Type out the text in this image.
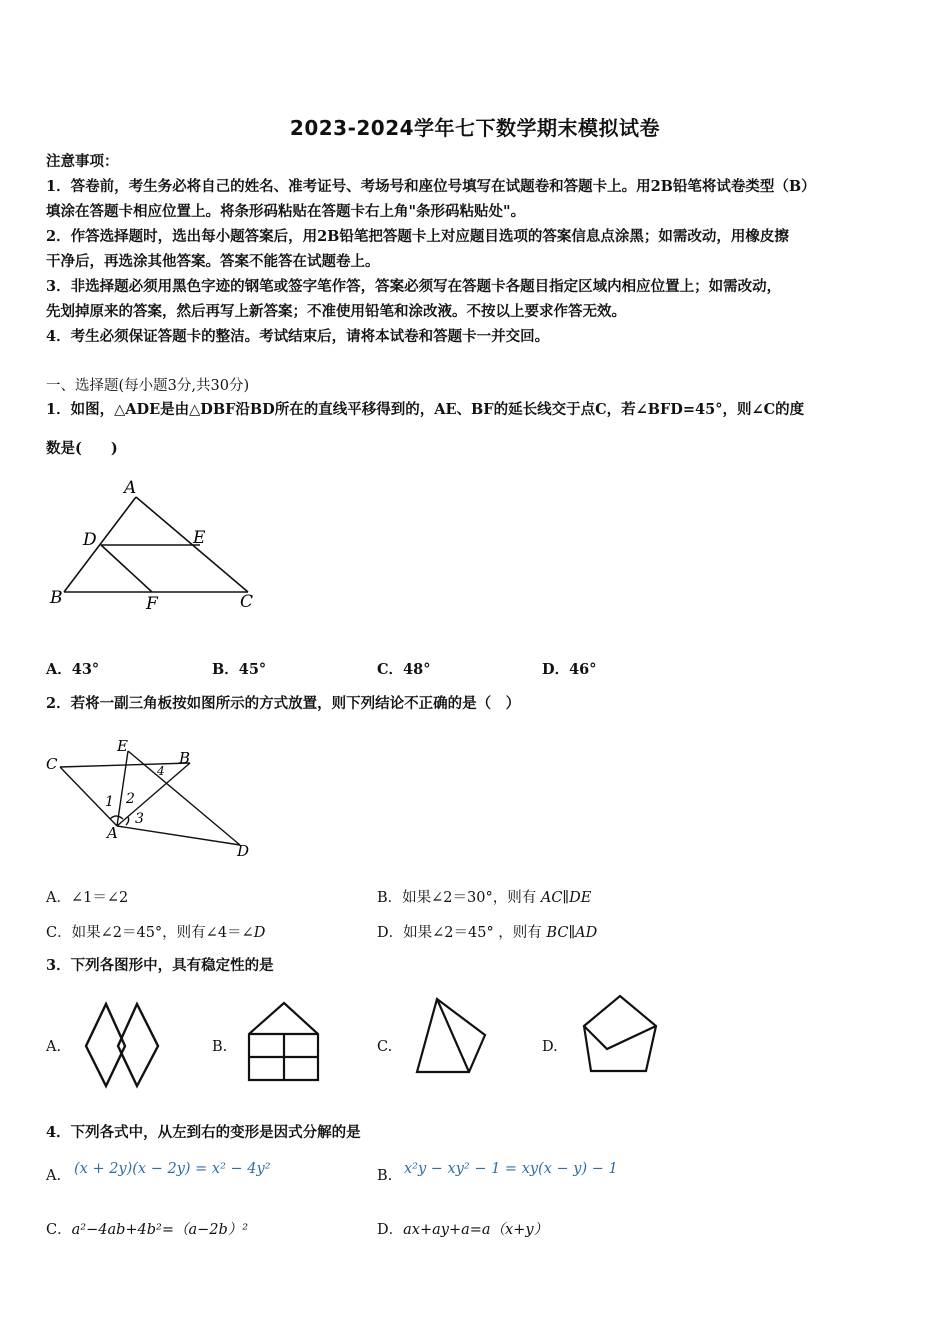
2023-2024学年七下数学期末模拟试卷
注意事项：
1．答卷前，考生务必将自己的姓名、准考证号、考场号和座位号填写在试题卷和答题卡上。用2B铅笔将试卷类型（B）
填涂在答题卡相应位置上。将条形码粘贴在答题卡右上角"条形码粘贴处"。
2．作答选择题时，选出每小题答案后，用2B铅笔把答题卡上对应题目选项的答案信息点涂黑；如需改动，用橡皮擦
干净后，再选涂其他答案。答案不能答在试题卷上。
3．非选择题必须用黑色字迹的钢笔或签字笔作答，答案必须写在答题卡各题目指定区域内相应位置上；如需改动，
先划掉原来的答案，然后再写上新答案；不准使用铅笔和涂改液。不按以上要求作答无效。
4．考生必须保证答题卡的整洁。考试结束后，请将本试卷和答题卡一并交回。
一、选择题(每小题3分,共30分)
1．如图，△ADE是由△DBF沿BD所在的直线平移得到的，AE、BF的延长线交于点C，若∠BFD=45°，则∠C的度
数是(　　)
A
D	E
B	F	C
A．43°	B．45°	C．48°	D．46°
2．若将一副三角板按如图所示的方式放置，则下列结论不正确的是（　）
C
E
B
A
D
1 2
3
4
A．∠1＝∠2	B．如果∠2＝30°，则有 AC∥DE
C．如果∠2＝45°，则有∠4＝∠D	D．如果∠2＝45° ，则有 BC∥AD
3．下列各图形中，具有稳定性的是
A.	B.	C.	D.
4．下列各式中，从左到右的变形是因式分解的是
A. (x + 2y)(x − 2y) = x² − 4y²	B. x²y − xy² − 1 = xy(x − y) − 1
C．a²−4ab+4b²=（a−2b）²	D．ax+ay+a=a（x+y）
